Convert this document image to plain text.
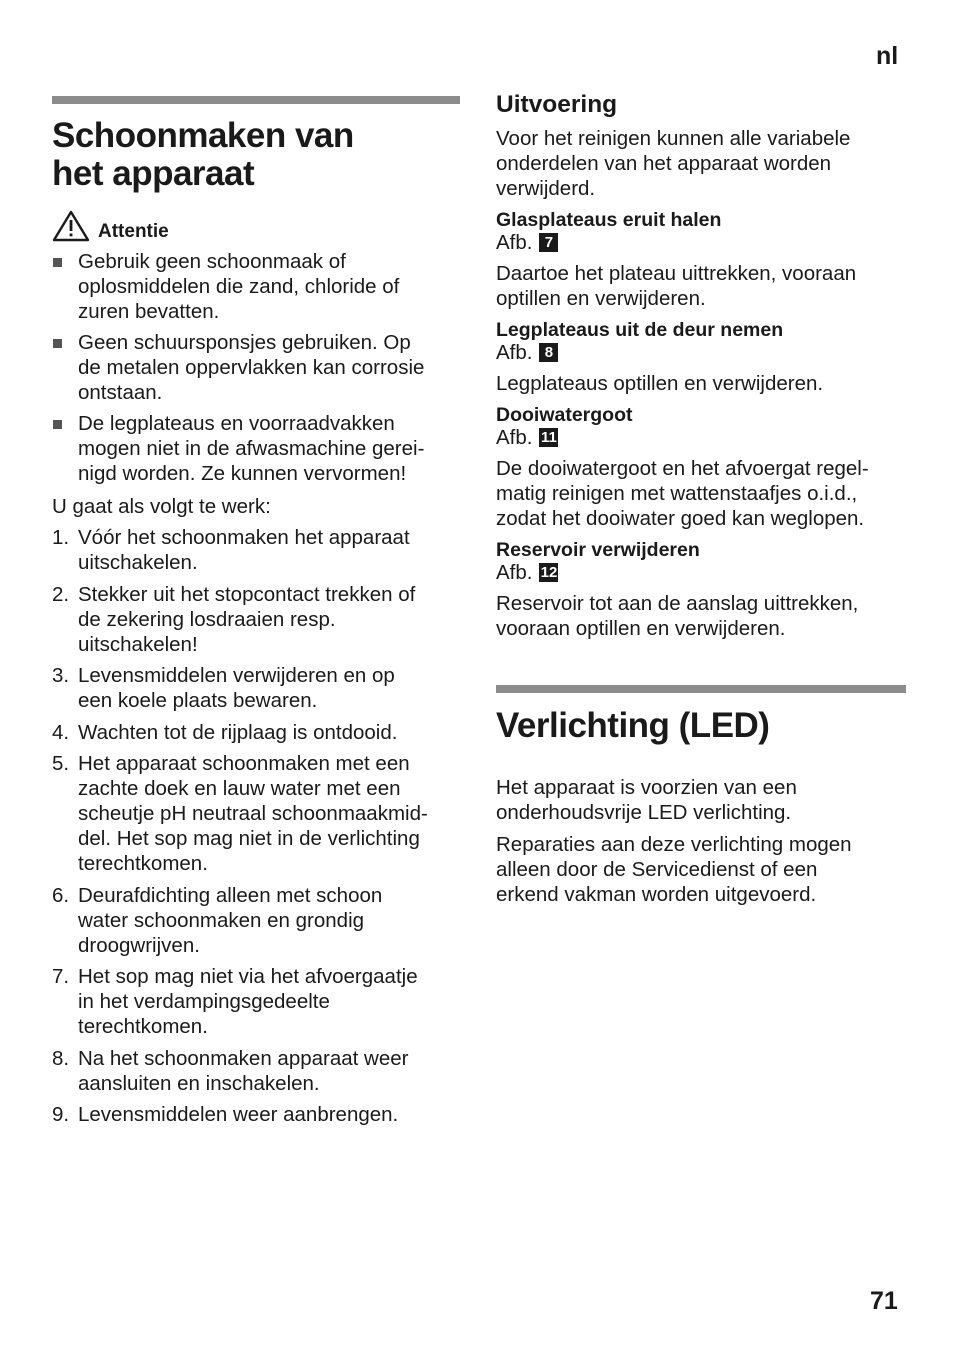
nl
Schoonmaken van
het apparaat
Attentie
Gebruik geen schoonmaak of
oplosmiddelen die zand, chloride of
zuren bevatten.
Geen schuursponsjes gebruiken. Op
de metalen oppervlakken kan corrosie
ontstaan.
De legplateaus en voorraadvakken
mogen niet in de afwasmachine gerei-
nigd worden. Ze kunnen vervormen!

U gaat als volgt te werk:

1. Vóór het schoonmaken het apparaat
uitschakelen.
2. Stekker uit het stopcontact trekken of
de zekering losdraaien resp.
uitschakelen!
3. Levensmiddelen verwijderen en op
een koele plaats bewaren.
4. Wachten tot de rijplaag is ontdooid.
5. Het apparaat schoonmaken met een
zachte doek en lauw water met een
scheutje pH neutraal schoonmaakmid-
del. Het sop mag niet in de verlichting
terechtkomen.
6. Deurafdichting alleen met schoon
water schoonmaken en grondig
droogwrijven.
7. Het sop mag niet via het afvoergaatje
in het verdampingsgedeelte
terechtkomen.
8. Na het schoonmaken apparaat weer
aansluiten en inschakelen.
9. Levensmiddelen weer aanbrengen.
Uitvoering

Voor het reinigen kunnen alle variabele
onderdelen van het apparaat worden
verwijderd.

Glasplateaus eruit halen
Afb. 7

Daartoe het plateau uittrekken, vooraan
optillen en verwijderen.

Legplateaus uit de deur nemen
Afb. 8

Legplateaus optillen en verwijderen.

Dooiwatergoot
Afb. 11

De dooiwatergoot en het afvoergat regel-
matig reinigen met wattenstaafjes o.i.d.,
zodat het dooiwater goed kan weglopen.

Reservoir verwijderen
Afb. 12

Reservoir tot aan de aanslag uittrekken,
vooraan optillen en verwijderen.

Verlichting (LED)

Het apparaat is voorzien van een
onderhoudsvrije LED verlichting.

Reparaties aan deze verlichting mogen
alleen door de Servicedienst of een
erkend vakman worden uitgevoerd.

71
